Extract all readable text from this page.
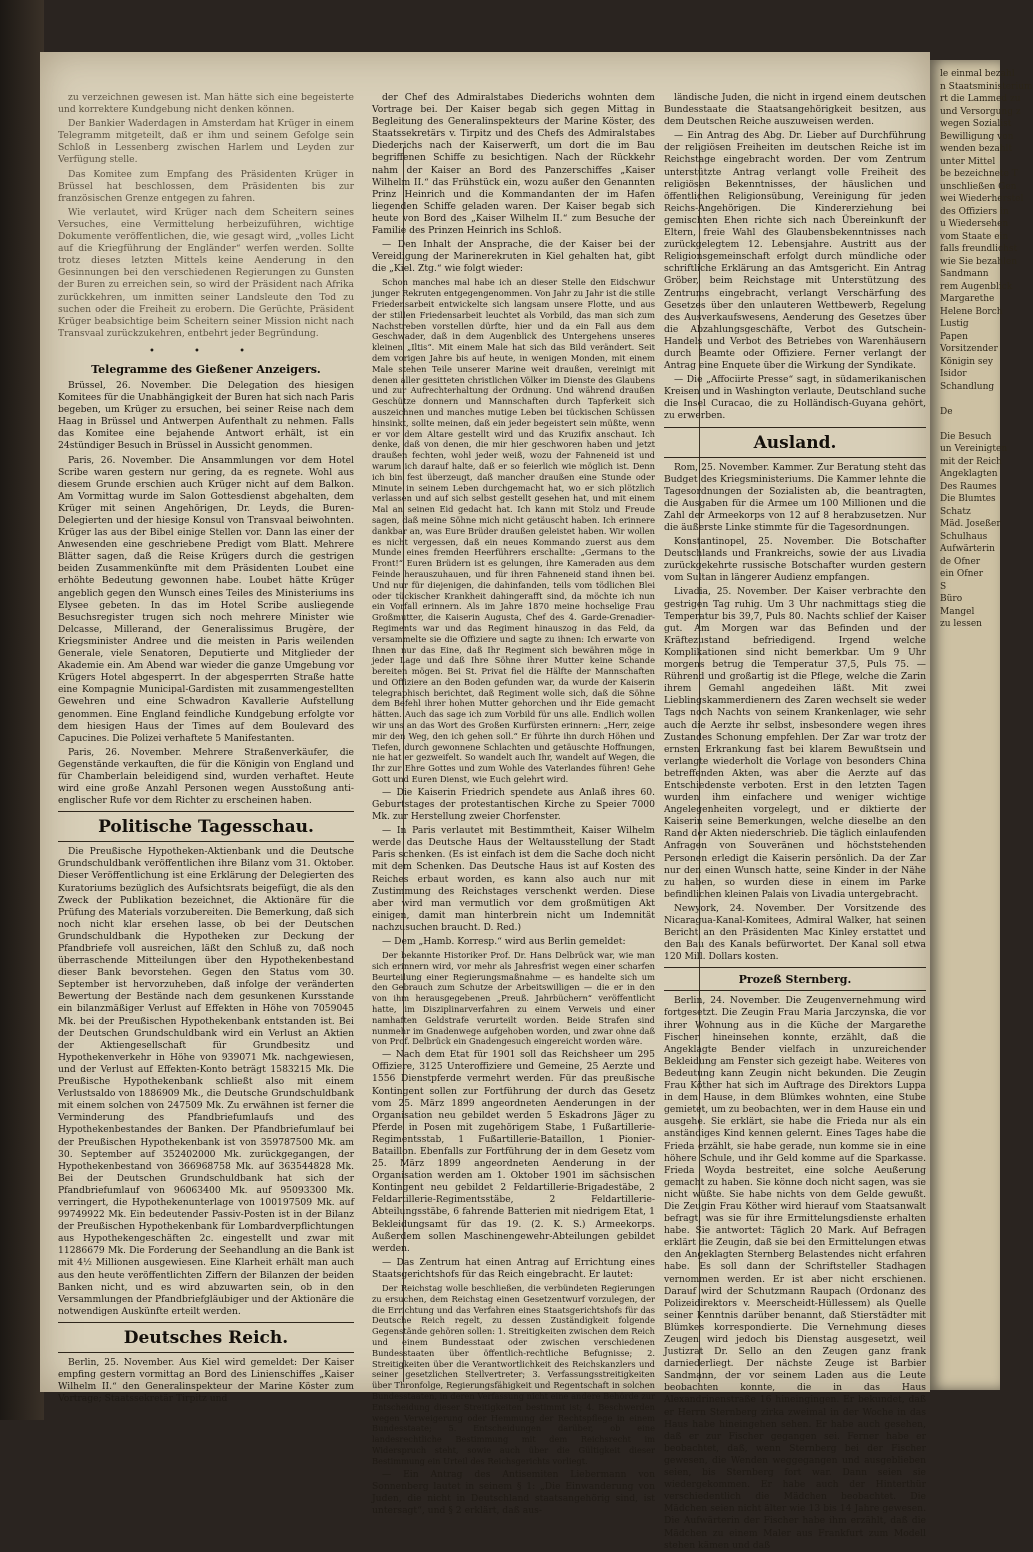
zu verzeichnen gewesen ist. Man hätte sich eine begeisterte und korrektere Kundgebung nicht denken können.

Der Bankier Waderdagen in Amsterdam hat Krüger in einem Telegramm mitgeteilt, daß er ihm und seinem Gefolge sein Schloß in Lessenberg zwischen Harlem und Leyden zur Verfügung stelle.

Das Komitee zum Empfang des Präsidenten Krüger in Brüssel hat beschlossen, dem Präsidenten bis zur französischen Grenze entgegen zu fahren.

Wie verlautet, wird Krüger nach dem Scheitern seines Versuches, eine Vermittelung herbeizuführen, wichtige Dokumente veröffentlichen, die, wie gesagt wird, „volles Licht auf die Kriegführung der Engländer“ werfen werden. Sollte trotz dieses letzten Mittels keine Aenderung in den Gesinnungen bei den verschiedenen Regierungen zu Gunsten der Buren zu erreichen sein, so wird der Präsident nach Afrika zurückkehren, um inmitten seiner Landsleute den Tod zu suchen oder die Freiheit zu erobern. Die Gerüchte, Präsident Krüger beabsichtige beim Scheitern seiner Mission nicht nach Transvaal zurückzukehren, entbehrt jeder Begründung.

• • •
Telegramme des Gießener Anzeigers.

Brüssel, 26. November. Die Delegation des hiesigen Komitees für die Unabhängigkeit der Buren hat sich nach Paris begeben, um Krüger zu ersuchen, bei seiner Reise nach dem Haag in Brüssel und Antwerpen Aufenthalt zu nehmen. Falls das Komitee eine bejahende Antwort erhält, ist ein 24stündiger Besuch in Brüssel in Aussicht genommen.

Paris, 26. November. Die Ansammlungen vor dem Hotel Scribe waren gestern nur gering, da es regnete. Wohl aus diesem Grunde erschien auch Krüger nicht auf dem Balkon. Am Vormittag wurde im Salon Gottesdienst abgehalten, dem Krüger mit seinen Angehörigen, Dr. Leyds, die Buren-Delegierten und der hiesige Konsul von Transvaal beiwohnten. Krüger las aus der Bibel einige Stellen vor. Dann las einer der Anwesenden eine geschriebene Predigt vom Blatt. Mehrere Blätter sagen, daß die Reise Krügers durch die gestrigen beiden Zusammenkünfte mit dem Präsidenten Loubet eine erhöhte Bedeutung gewonnen habe. Loubet hätte Krüger angeblich gegen den Wunsch eines Teiles des Ministeriums ins Elysee gebeten. In das im Hotel Scribe ausliegende Besuchsregister trugen sich noch mehrere Minister wie Delcasse, Millerand, der Generalissimus Brugère, der Kriegsminister Andree und die meisten in Paris weilenden Generale, viele Senatoren, Deputierte und Mitglieder der Akademie ein. Am Abend war wieder die ganze Umgebung vor Krügers Hotel abgesperrt. In der abgesperrten Straße hatte eine Kompagnie Municipal-Gardisten mit zusammengestellten Gewehren und eine Schwadron Kavallerie Aufstellung genommen. Eine England feindliche Kundgebung erfolgte vor dem hiesigen Haus der Times auf dem Boulevard des Capucines. Die Polizei verhaftete 5 Manifestanten.

Paris, 26. November. Mehrere Straßenverkäufer, die Gegenstände verkauften, die für die Königin von England und für Chamberlain beleidigend sind, wurden verhaftet. Heute wird eine große Anzahl Personen wegen Ausstoßung anti-englischer Rufe vor dem Richter zu erscheinen haben.

Politische Tagesschau.

Die Preußische Hypotheken-Aktienbank und die Deutsche Grundschuldbank veröffentlichen ihre Bilanz vom 31. Oktober. Dieser Veröffentlichung ist eine Erklärung der Delegierten des Kuratoriums bezüglich des Aufsichtsrats beigefügt, die als den Zweck der Publikation bezeichnet, die Aktionäre für die Prüfung des Materials vorzubereiten. Die Bemerkung, daß sich noch nicht klar ersehen lasse, ob bei der Deutschen Grundschuldbank die Hypotheken zur Deckung der Pfandbriefe voll ausreichen, läßt den Schluß zu, daß noch überraschende Mitteilungen über den Hypothekenbestand dieser Bank bevorstehen. Gegen den Status vom 30. September ist hervorzuheben, daß infolge der veränderten Bewertung der Bestände nach dem gesunkenen Kursstande ein bilanzmäßiger Verlust auf Effekten in Höhe von 7059045 Mk. bei der Preußischen Hypothekenbank entstanden ist. Bei der Deutschen Grundschuldbank wird ein Verlust an Aktien der Aktiengesellschaft für Grundbesitz und Hypothekenverkehr in Höhe von 939071 Mk. nachgewiesen, und der Verlust auf Effekten-Konto beträgt 1583215 Mk. Die Preußische Hypothekenbank schließt also mit einem Verlustsaldo von 1886909 Mk., die Deutsche Grundschuldbank mit einem solchen von 247509 Mk. Zu erwähnen ist ferner die Verminderung des Pfandbriefumlaufs und des Hypothekenbestandes der Banken. Der Pfandbriefumlauf bei der Preußischen Hypothekenbank ist von 359787500 Mk. am 30. September auf 352402000 Mk. zurückgegangen, der Hypothekenbestand von 366968758 Mk. auf 363544828 Mk. Bei der Deutschen Grundschuldbank hat sich der Pfandbriefumlauf von 96063400 Mk. auf 95093300 Mk. verringert, die Hypothekenunterlage von 100197509 Mk. auf 99749922 Mk. Ein bedeutender Passiv-Posten ist in der Bilanz der Preußischen Hypothekenbank für Lombardverpflichtungen aus Hypothekengeschäften 2c. eingestellt und zwar mit 11286679 Mk. Die Forderung der Seehandlung an die Bank ist mit 4½ Millionen ausgewiesen. Eine Klarheit erhält man auch aus den heute veröffentlichten Ziffern der Bilanzen der beiden Banken nicht, und es wird abzuwarten sein, ob in den Versammlungen der Pfandbriefgläubiger und der Aktionäre die notwendigen Auskünfte erteilt werden.

Deutsches Reich.

Berlin, 25. November. Aus Kiel wird gemeldet: Der Kaiser empfing gestern vormittag an Bord des Linienschiffes „Kaiser Wilhelm II.“ den Generalinspekteur der Marine Köster zum Vortrage; Staatssekretär Tirpitz und

der Chef des Admiralstabes Diederichs wohnten dem Vortrage bei. Der Kaiser begab sich gegen Mittag in Begleitung des Generalinspekteurs der Marine Köster, des Staatssekretärs v. Tirpitz und des Chefs des Admiralstabes Diederichs nach der Kaiserwerft, um dort die im Bau begriffenen Schiffe zu besichtigen. Nach der Rückkehr nahm der Kaiser an Bord des Panzerschiffes „Kaiser Wilhelm II.“ das Frühstück ein, wozu außer den Genannten Prinz Heinrich und die Kommandanten der im Hafen liegenden Schiffe geladen waren. Der Kaiser begab sich heute von Bord des „Kaiser Wilhelm II.“ zum Besuche der Familie des Prinzen Heinrich ins Schloß.

— Den Inhalt der Ansprache, die der Kaiser bei der Vereidigung der Marinerekruten in Kiel gehalten hat, gibt die „Kiel. Ztg.“ wie folgt wieder:

Schon manches mal habe ich an dieser Stelle den Eidschwur junger Rekruten entgegengenommen. Von Jahr zu Jahr ist die stille Friedensarbeit entwickelte sich langsam unsere Flotte, und aus der stillen Friedensarbeit leuchtet als Vorbild, das man sich zum Nachstreben vorstellen dürfte, hier und da ein Fall aus dem Geschwader, daß in dem Augenblick des Untergehens unseres kleinen „Iltis“. Mit einem Male hat sich das Bild verändert. Seit dem vorigen Jahre bis auf heute, in wenigen Monden, mit einem Male stehen Teile unserer Marine weit draußen, vereinigt mit denen aller gesitteten christlichen Völker im Dienste des Glaubens und zur Aufrechterhaltung der Ordnung. Und während draußen Geschütze donnern und Mannschaften durch Tapferkeit sich auszeichnen und manches mutige Leben bei tückischen Schüssen hinsinkt, sollte meinen, daß ein jeder begeistert sein müßte, wenn er vor dem Altare gestellt wird und das Kruzifix anschaut. Ich denke, daß von denen, die mir hier geschworen haben und jetzt draußen fechten, wohl jeder weiß, wozu der Fahneneid ist und warum ich darauf halte, daß er so feierlich wie möglich ist. Denn ich bin fest überzeugt, daß mancher draußen eine Stunde oder Minute in seinem Leben durchgemacht hat, wo er sich plötzlich verlassen und auf sich selbst gestellt gesehen hat, und mit einem Mal an seinen Eid gedacht hat. Ich kann mit Stolz und Freude sagen, daß meine Söhne mich nicht getäuscht haben. Ich erinnere dankbar an, was Eure Brüder draußen geleistet haben. Wir wollen es nicht vergessen, daß ein neues Kommando zuerst aus dem Munde eines fremden Heerführers erschallte: „Germans to the Front!“ Euren Brüdern ist es gelungen, ihre Kameraden aus dem Feinde herauszuhauen, und für ihren Fahneneid stand ihnen bei. Und nur für diejenigen, die dahinfanden, teils vom tödlichen Blei oder tückischer Krankheit dahingerafft sind, da möchte ich nun ein Vorfall erinnern. Als im Jahre 1870 meine hochselige Frau Großmutter, die Kaiserin Augusta, Chef des 4. Garde-Grenadier-Regiments war und das Regiment hinauszog in das Feld, da versammelte sie die Offiziere und sagte zu ihnen: Ich erwarte von Ihnen nur das Eine, daß Ihr Regiment sich bewähren möge in jeder Lage und daß Ihre Söhne ihrer Mutter keine Schande bereiten mögen. Bei St. Privat fiel die Hälfte der Mannschaften und Offiziere an den Boden gefunden war, da wurde der Kaiserin telegraphisch berichtet, daß Regiment wolle sich, daß die Söhne dem Befehl ihrer hohen Mutter gehorchen und ihr Eide gemacht hätten. Auch das sage ich zum Vorbild für uns alle. Endlich wollen wir uns an das Wort des Großen Kurfürsten erinnern: „Herr, zeige mir den Weg, den ich gehen soll.“ Er führte ihn durch Höhen und Tiefen, durch gewonnene Schlachten und getäuschte Hoffnungen, nie hat er gezweifelt. So wandelt auch Ihr, wandelt auf Wegen, die Ihr zur Ehre Gottes und zum Wohle des Vaterlandes führen! Gehe Gott und Euren Dienst, wie Euch gelehrt wird.

— Die Kaiserin Friedrich spendete aus Anlaß ihres 60. Geburtstages der protestantischen Kirche zu Speier 7000 Mk. zur Herstellung zweier Chorfenster.

— In Paris verlautet mit Bestimmtheit, Kaiser Wilhelm werde das Deutsche Haus der Weltausstellung der Stadt Paris schenken. (Es ist einfach ist dem die Sache doch nicht mit dem Schenken. Das Deutsche Haus ist auf Kosten des Reiches erbaut worden, es kann also auch nur mit Zustimmung des Reichstages verschenkt werden. Diese aber wird man vermutlich vor dem großmütigen Akt einigen, damit man hinterbrein nicht um Indemnität nachzusuchen braucht. D. Red.)

— Dem „Hamb. Korresp.“ wird aus Berlin gemeldet:

Der bekannte Historiker Prof. Dr. Hans Delbrück war, wie man sich erinnern wird, vor mehr als Jahresfrist wegen einer scharfen Beurteilung einer Regierungsmaßnahme — es handelte sich um den Gebrauch zum Schutze der Arbeitswilligen — die er in den von ihm herausgegebenen „Preuß. Jahrbüchern“ veröffentlicht hatte, im Disziplinarverfahren zu einem Verweis und einer namhaften Geldstrafe verurteilt worden. Beide Strafen sind nunmehr im Gnadenwege aufgehoben worden, und zwar ohne daß von Prof. Delbrück ein Gnadengesuch eingereicht worden wäre.

— Nach dem Etat für 1901 soll das Reichsheer um 295 Offiziere, 3125 Unteroffiziere und Gemeine, 25 Aerzte und 1556 Dienstpferde vermehrt werden. Für das preußische Kontingent sollen zur Fortführung der durch das Gesetz vom 25. März 1899 angeordneten Aenderungen in der Organisation neu gebildet werden 5 Eskadrons Jäger zu Pferde in Posen mit zugehörigem Stabe, 1 Fußartillerie-Regimentsstab, 1 Fußartillerie-Bataillon, 1 Pionier-Bataillon. Ebenfalls zur Fortführung der in dem Gesetz vom 25. März 1899 angeordneten Aenderung in der Organisation werden am 1. Oktober 1901 im sächsischen Kontingent neu gebildet 2 Feldartillerie-Brigadestäbe, 2 Feldartillerie-Regimentsstäbe, 2 Feldartillerie-Abteilungsstäbe, 6 fahrende Batterien mit niedrigem Etat, 1 Bekleidungsamt für das 19. (2. K. S.) Armeekorps. Außerdem sollen Maschinengewehr-Abteilungen gebildet werden.

— Das Zentrum hat einen Antrag auf Errichtung eines Staatsgerichtshofs für das Reich eingebracht. Er lautet:

Der Reichstag wolle beschließen, die verbündeten Regierungen zu ersuchen, dem Reichstag einen Gesetzentwurf vorzulegen, der die Errichtung und das Verfahren eines Staatsgerichtshofs für das Deutsche Reich regelt, zu dessen Zuständigkeit folgende Gegenstände gehören sollen: 1. Streitigkeiten zwischen dem Reich und einem Bundesstaat oder zwischen verschiedenen Bundesstaaten über öffentlich-rechtliche Befugnisse; 2. Streitigkeiten über die Verantwortlichkeit des Reichskanzlers und seiner gesetzlichen Stellvertreter; 3. Verfassungsstreitigkeiten über Thronfolge, Regierungsfähigkeit und Regentschaft in solchen Bundesstaaten, in deren Verfassung nicht eine andere Behörde zur Entscheidung dieser Streitigkeiten bestimmt ist; 4. Beschwerden wegen Verweigerung oder Hemmung der Rechtspflege in einem Bundesstaate; 5. Entscheidungen darüber, ob eine landesrechtliche Bestimmung mit dem Reichsrecht im Widerspruch steht, sowie auch über die Gültigkeit dieser Bestimmung ein Urteil des Reichsgerichts vorliegt.

— Ein Antrag des Antisemiten Liebermann von Sonnenberg lautet in seinem § 1: „Die Einwanderung von Juden, die nicht in Deutschland staatsangehörig sind, ist untersagt“, und § 2 erklärt, daß aus-

ländische Juden, die nicht in irgend einem deutschen Bundesstaate die Staatsangehörigkeit besitzen, aus dem Deutschen Reiche auszuweisen werden.

— Ein Antrag des Abg. Dr. Lieber auf Durchführung der religiösen Freiheiten im deutschen Reiche ist im Reichstage eingebracht worden. Der vom Zentrum unterstützte Antrag verlangt volle Freiheit des religiösen Bekenntnisses, der häuslichen und öffentlichen Religionsübung, Vereinigung für jeden Reichs-Angehörigen. Die Kindererziehung bei gemischten Ehen richte sich nach Übereinkunft der Eltern, freie Wahl des Glaubensbekenntnisses nach zurückgelegtem 12. Lebensjahre. Austritt aus der Religionsgemeinschaft erfolgt durch mündliche oder schriftliche Erklärung an das Amtsgericht. Ein Antrag Gröber, beim Reichstage mit Unterstützung des Zentrums eingebracht, verlangt Verschärfung des Gesetzes über den unlauteren Wettbewerb, Regelung des Ausverkaufswesens, Aenderung des Gesetzes über die Abzahlungsgeschäfte, Verbot des Gutschein-Handels und Verbot des Betriebes von Warenhäusern durch Beamte oder Offiziere. Ferner verlangt der Antrag eine Enquete über die Wirkung der Syndikate.

— Die „Affociirte Presse“ sagt, in südamerikanischen Kreisen und in Washington verlaute, Deutschland suche die Insel Curacao, die zu Holländisch-Guyana gehört, zu erwerben.

Ausland.

Rom, 25. November. Kammer. Zur Beratung steht das Budget des Kriegsministeriums. Die Kammer lehnte die Tagesordnungen der Sozialisten ab, die beantragten, die Ausgaben für die Armee um 100 Millionen und die Zahl der Armeekorps von 12 auf 8 herabzusetzen. Nur die äußerste Linke stimmte für die Tagesordnungen.

Konstantinopel, 25. November. Die Botschafter Deutschlands und Frankreichs, sowie der aus Livadia zurückgekehrte russische Botschafter wurden gestern vom Sultan in längerer Audienz empfangen.

Livadia, 25. November. Der Kaiser verbrachte den gestrigen Tag ruhig. Um 3 Uhr nachmittags stieg die Temperatur bis 39,7, Puls 80. Nachts schlief der Kaiser gut. Am Morgen war das Befinden und der Kräftezustand befriedigend. Irgend welche Komplikationen sind nicht bemerkbar. Um 9 Uhr morgens betrug die Temperatur 37,5, Puls 75. — Rührend und großartig ist die Pflege, welche die Zarin ihrem Gemahl angedeihen läßt. Mit zwei Lieblingskammerdienern des Zaren wechselt sie weder Tags noch Nachts von seinem Krankenlager, wie sehr auch die Aerzte ihr selbst, insbesondere wegen ihres Zustandes Schonung empfehlen. Der Zar war trotz der ernsten Erkrankung fast bei klarem Bewußtsein und verlangte wiederholt die Vorlage von besonders China betreffenden Akten, was aber die Aerzte auf das Entschiedenste verboten. Erst in den letzten Tagen wurden ihm einfachere und weniger wichtige Angelegenheiten vorgelegt, und er diktierte der Kaiserin seine Bemerkungen, welche dieselbe an den Rand der Akten niederschrieb. Die täglich einlaufenden Anfragen von Souveränen und höchststehenden Personen erledigt die Kaiserin persönlich. Da der Zar nur den einen Wunsch hatte, seine Kinder in der Nähe zu haben, so wurden diese in einem im Parke befindlichen kleinen Palais von Livadia untergebracht.

Newyork, 24. November. Der Vorsitzende des Nicaragua-Kanal-Komitees, Admiral Walker, hat seinen Bericht an den Präsidenten Mac Kinley erstattet und den Bau des Kanals befürwortet. Der Kanal soll etwa 120 Mill. Dollars kosten.

Prozeß Sternberg.

Berlin, 24. November. Die Zeugenvernehmung wird fortgesetzt. Die Zeugin Frau Maria Jarczynska, die vor ihrer Wohnung aus in die Küche der Margarethe Fischer hineinsehen konnte, erzählt, daß die Angeklagte Bender vielfach in unzureichender Bekleidung am Fenster sich gezeigt habe. Weiteres von Bedeutung kann Zeugin nicht bekunden. Die Zeugin Frau Köther hat sich im Auftrage des Direktors Luppa in dem Hause, in dem Blümkes wohnten, eine Stube gemietet, um zu beobachten, wer in dem Hause ein und ausgehe. Sie erklärt, sie habe die Frieda nur als ein anständiges Kind kennen gelernt. Eines Tages habe die Frieda erzählt, sie habe gerade, nun komme sie in eine höhere Schule, und ihr Geld komme auf die Sparkasse. Frieda Woyda bestreitet, eine solche Aeußerung gemacht zu haben. Sie könne doch nicht sagen, was sie nicht wüßte. Sie habe nichts von dem Gelde gewußt. Die Zeugin Frau Köther wird hierauf vom Staatsanwalt befragt, was sie für ihre Ermittelungsdienste erhalten habe. Sie antwortet: Täglich 20 Mark. Auf Befragen erklärt die Zeugin, daß sie bei den Ermittelungen etwas den Angeklagten Sternberg Belastendes nicht erfahren habe. Es soll dann der Schriftsteller Stadhagen vernommen werden. Er ist aber nicht erschienen. Darauf wird der Schutzmann Raupach (Ordonanz des Polizeidirektors v. Meerscheidt-Hüllessem) als Quelle seiner Kenntnis darüber benannt, daß Stierstädter mit Blümkes korrespondierte. Die Vernehmung dieses Zeugen wird jedoch bis Dienstag ausgesetzt, weil Justizrat Dr. Sello an den Zeugen ganz frank darniederliegt. Der nächste Zeuge ist Barbier Sandmann, der vor seinem Laden aus die Leute beobachten konnte, die in das Haus Alexandrinenstraße 16 hineingingen. Er bekundet, daß er Herrn Sternberg zirka zweimal in der Woche in das Haus habe hineingehen sehen. Er habe auch gesehen, daß er zur Fischer gegangen sei. Ferner habe er beobachtet, daß, wenn Sternberg bei der Fischer gewesen, die Wenden weggegangen und ausgeblieben seien, bis Sternberg fort war. Dann seien sie wiedergekommen. Er habe auch der Hinterthür verschiedentlich die Mädchen beobachtet. Die Mädchen seien nicht älter wie 13 bis 14 Jahre gewesen. Die Aufwärterin der Fischer habe ihm erzählt, daß die Mädchen zu einem Maler aus Frankfurt zum Modell stehen kämen und daß

le einmal bezahl
n Staatsministerium
rt die Lammed zu
und Versorgung z
wegen Sozialist
Bewilligung von
wenden bezahlt
unter Mittel
be bezeichnete T
unschließen Gen
wei Wiederherstel
des Offiziers in
u Wiedersehen
vom Staate ein
falls freundlichst
wie Sie bezahlen
Sandmann
rem Augenblick
Margarethe
Helene Borch
Lustig
Papen
Vorsitzender
Königin sey
Isidor
Schandlung

De

Die Besuch
un Vereinigten
mit der Reich
Angeklagten
Des Raumes
Die Blumtes
Schatz
Mäd. Joseßer
Schulhaus
Aufwärterin
de Ofner
ein Ofner
S
Büro
Mangel
zu lessen
